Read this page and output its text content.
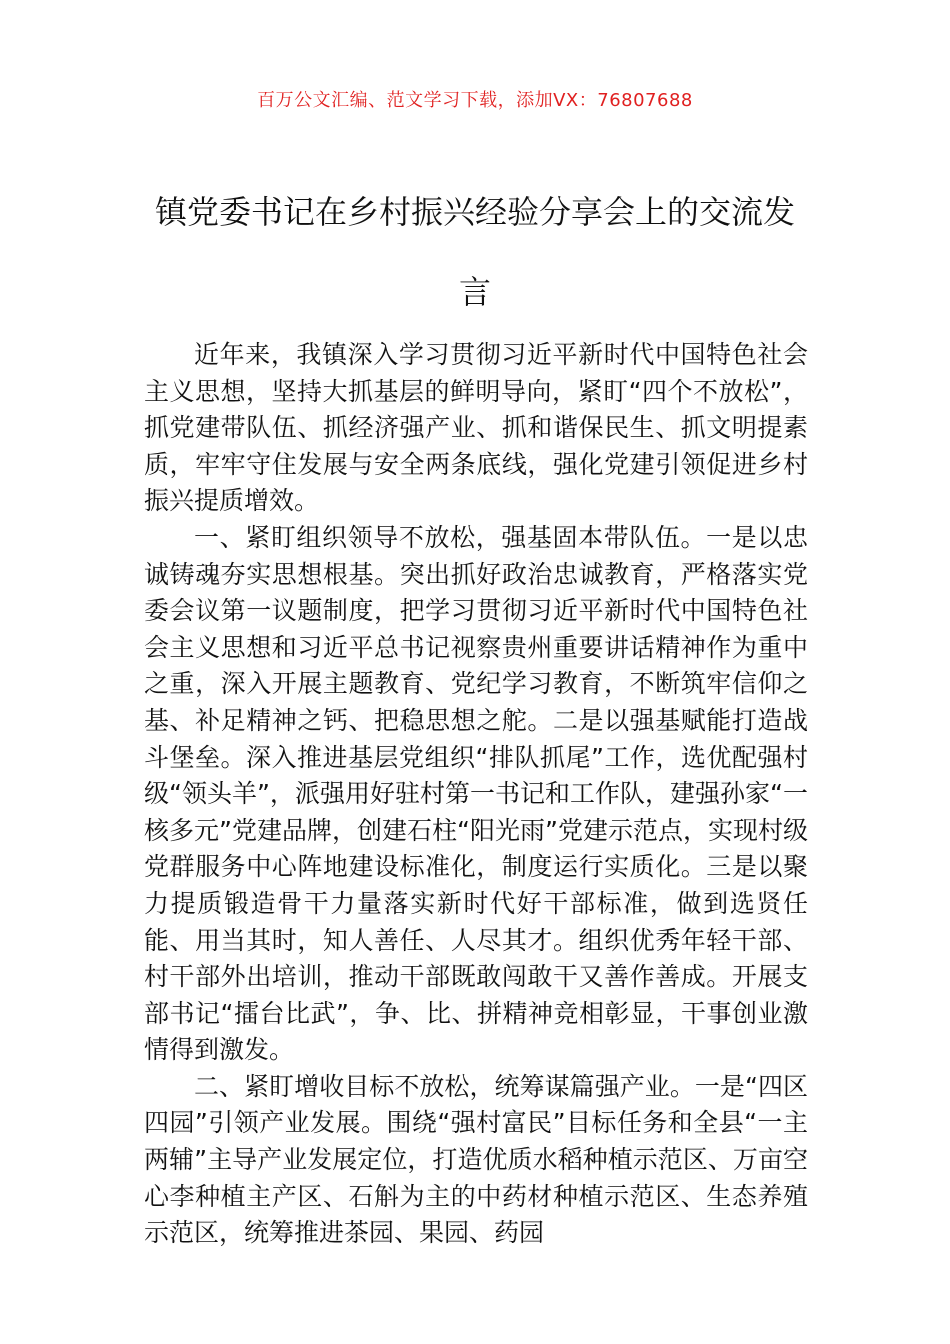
百万公文汇编、范文学习下载，添加VX：76807688
镇党委书记在乡村振兴经验分享会上的交流发言

近年来，我镇深入学习贯彻习近平新时代中国特色社会主义思想，坚持大抓基层的鲜明导向，紧盯“四个不放松”，抓党建带队伍、抓经济强产业、抓和谐保民生、抓文明提素质，牢牢守住发展与安全两条底线，强化党建引领促进乡村振兴提质增效。

一、紧盯组织领导不放松，强基固本带队伍。一是以忠诚铸魂夯实思想根基。突出抓好政治忠诚教育，严格落实党委会议第一议题制度，把学习贯彻习近平新时代中国特色社会主义思想和习近平总书记视察贵州重要讲话精神作为重中之重，深入开展主题教育、党纪学习教育，不断筑牢信仰之基、补足精神之钙、把稳思想之舵。二是以强基赋能打造战斗堡垒。深入推进基层党组织“排队抓尾”工作，选优配强村级“领头羊”，派强用好驻村第一书记和工作队，建强孙家“一核多元”党建品牌，创建石柱“阳光雨”党建示范点，实现村级党群服务中心阵地建设标准化，制度运行实质化。三是以聚力提质锻造骨干力量落实新时代好干部标准，做到选贤任能、用当其时，知人善任、人尽其才。组织优秀年轻干部、村干部外出培训，推动干部既敢闯敢干又善作善成。开展支部书记“擂台比武”，争、比、拼精神竞相彰显，干事创业激情得到激发。

二、紧盯增收目标不放松，统筹谋篇强产业。一是“四区四园”引领产业发展。围绕“强村富民”目标任务和全县“一主两辅”主导产业发展定位，打造优质水稻种植示范区、万亩空心李种植主产区、石斛为主的中药材种植示范区、生态养殖示范区，统筹推进茶园、果园、药园
